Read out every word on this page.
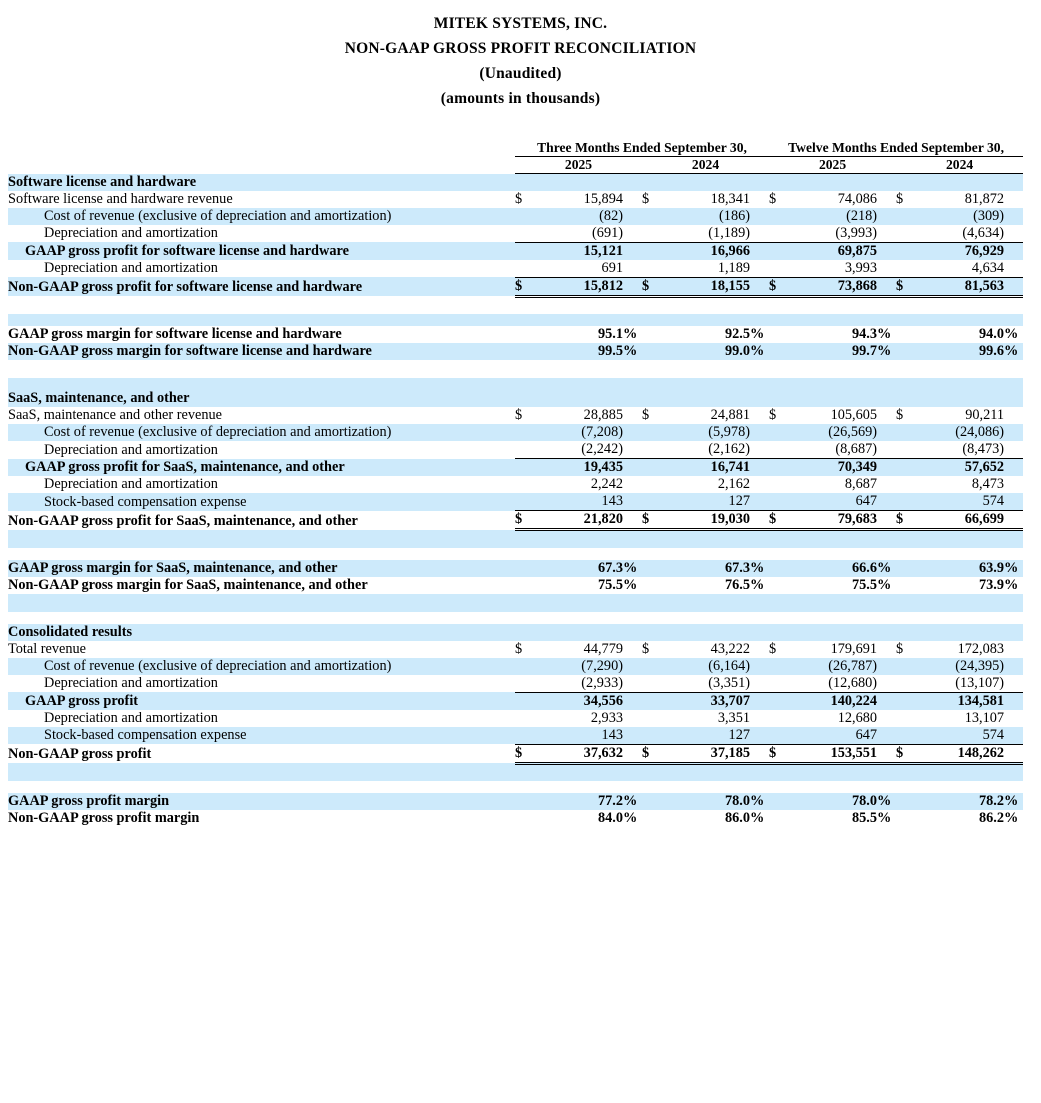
MITEK SYSTEMS, INC.
NON-GAAP GROSS PROFIT RECONCILIATION
(Unaudited)
(amounts in thousands)
	Three Months Ended September 30,						Twelve Months Ended September 30,					
	2025			2024			2025			2024		
Software license and hardware												
Software license and hardware revenue	$	15,894		$	18,341		$	74,086		$	81,872	
Cost of revenue (exclusive of depreciation and amortization)		(82)			(186)			(218)			(309)	
Depreciation and amortization		(691)			(1,189)			(3,993)			(4,634)	
GAAP gross profit for software license and hardware		15,121			16,966			69,875			76,929	
Depreciation and amortization		691			1,189			3,993			4,634	
Non-GAAP gross profit for software license and hardware	$	15,812		$	18,155		$	73,868		$	81,563	

GAAP gross margin for software license and hardware		95.1	%		92.5	%		94.3	%		94.0	%
Non-GAAP gross margin for software license and hardware		99.5	%		99.0	%		99.7	%		99.6	%

SaaS, maintenance, and other												
SaaS, maintenance and other revenue	$	28,885		$	24,881		$	105,605		$	90,211	
Cost of revenue (exclusive of depreciation and amortization)		(7,208)			(5,978)			(26,569)			(24,086)	
Depreciation and amortization		(2,242)			(2,162)			(8,687)			(8,473)	
GAAP gross profit for SaaS, maintenance, and other		19,435			16,741			70,349			57,652	
Depreciation and amortization		2,242			2,162			8,687			8,473	
Stock-based compensation expense		143			127			647			574	
Non-GAAP gross profit for SaaS, maintenance, and other	$	21,820		$	19,030		$	79,683		$	66,699	

GAAP gross margin for SaaS, maintenance, and other		67.3	%		67.3	%		66.6	%		63.9	%
Non-GAAP gross margin for SaaS, maintenance, and other		75.5	%		76.5	%		75.5	%		73.9	%

Consolidated results												
Total revenue	$	44,779		$	43,222		$	179,691		$	172,083	
Cost of revenue (exclusive of depreciation and amortization)		(7,290)			(6,164)			(26,787)			(24,395)	
Depreciation and amortization		(2,933)			(3,351)			(12,680)			(13,107)	
GAAP gross profit		34,556			33,707			140,224			134,581	
Depreciation and amortization		2,933			3,351			12,680			13,107	
Stock-based compensation expense		143			127			647			574	
Non-GAAP gross profit	$	37,632		$	37,185		$	153,551		$	148,262	

GAAP gross profit margin		77.2	%		78.0	%		78.0	%		78.2	%
Non-GAAP gross profit margin		84.0	%		86.0	%		85.5	%		86.2	%
